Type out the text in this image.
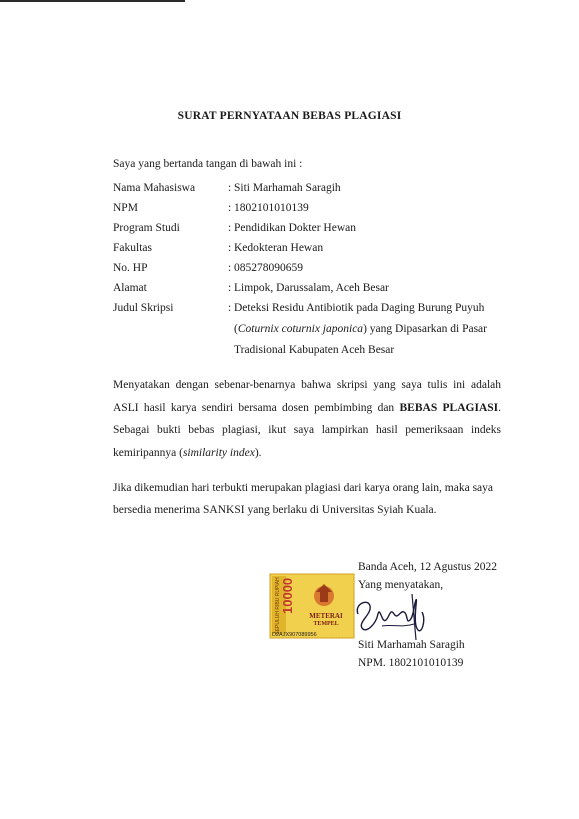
SURAT PERNYATAAN BEBAS PLAGIASI
Saya yang bertanda tangan di bawah ini :
Nama Mahasiswa	: Siti Marhamah Saragih
NPM	: 1802101010139
Program Studi	: Pendidikan Dokter Hewan
Fakultas	: Kedokteran Hewan
No. HP	: 085278090659
Alamat	: Limpok, Darussalam, Aceh Besar
Judul Skripsi	: Deteksi Residu Antibiotik pada Daging Burung Puyuh
(Coturnix coturnix japonica) yang Dipasarkan di Pasar
Tradisional Kabupaten Aceh Besar
Menyatakan dengan sebenar-benarnya bahwa skripsi yang saya tulis ini adalah ASLI hasil karya sendiri bersama dosen pembimbing dan BEBAS PLAGIASI. Sebagai bukti bebas plagiasi, ikut saya lampirkan hasil pemeriksaan indeks kemiripannya (similarity index).
Jika dikemudian hari terbukti merupakan plagiasi dari karya orang lain, maka saya bersedia menerima SANKSI yang berlaku di Universitas Syiah Kuala.
SEPULUH RIBU RUPIAH 10000
METERAI
TEMPEL
D2AJX907089956
Banda Aceh, 12 Agustus 2022
Yang menyatakan,
Siti Marhamah Saragih
NPM. 1802101010139
